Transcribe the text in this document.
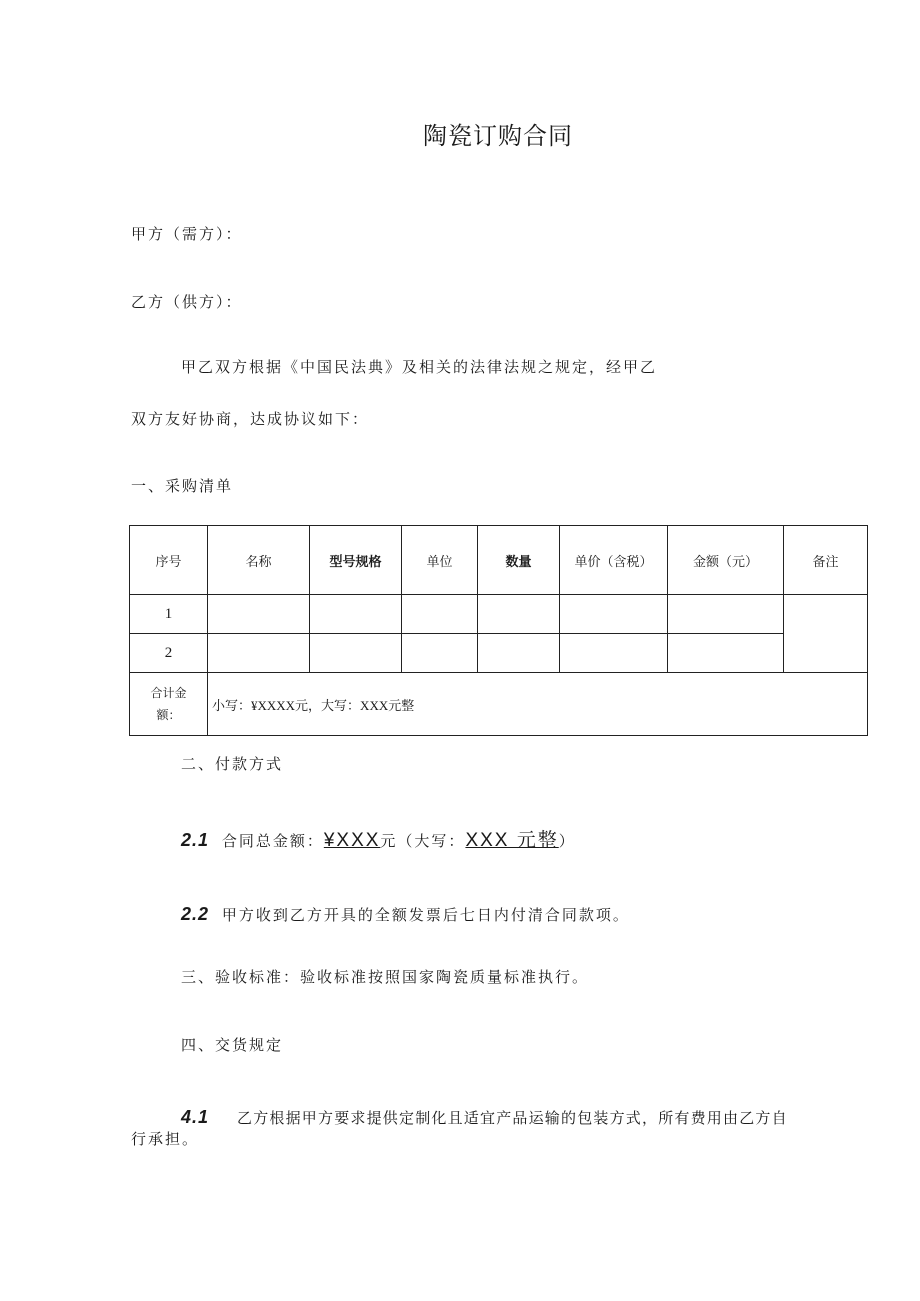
陶瓷订购合同
甲方（需方）：
乙方（供方）：
甲乙双方根据《中国民法典》及相关的法律法规之规定，经甲乙
双方友好协商，达成协议如下：
一、采购清单
序号	名称	型号规格	单位	数量	单价（含税）	金额（元）	备注
1							
2							

合计金额：	小写：¥XXXX元，大写：XXX元整						
二、付款方式
2.1 合同总金额：¥XXX元（大写：XXX 元整）
2.2 甲方收到乙方开具的全额发票后七日内付清合同款项。
三、验收标准：验收标准按照国家陶瓷质量标准执行。
四、交货规定
4.1 乙方根据甲方要求提供定制化且适宜产品运输的包装方式，所有费用由乙方自
行承担。
